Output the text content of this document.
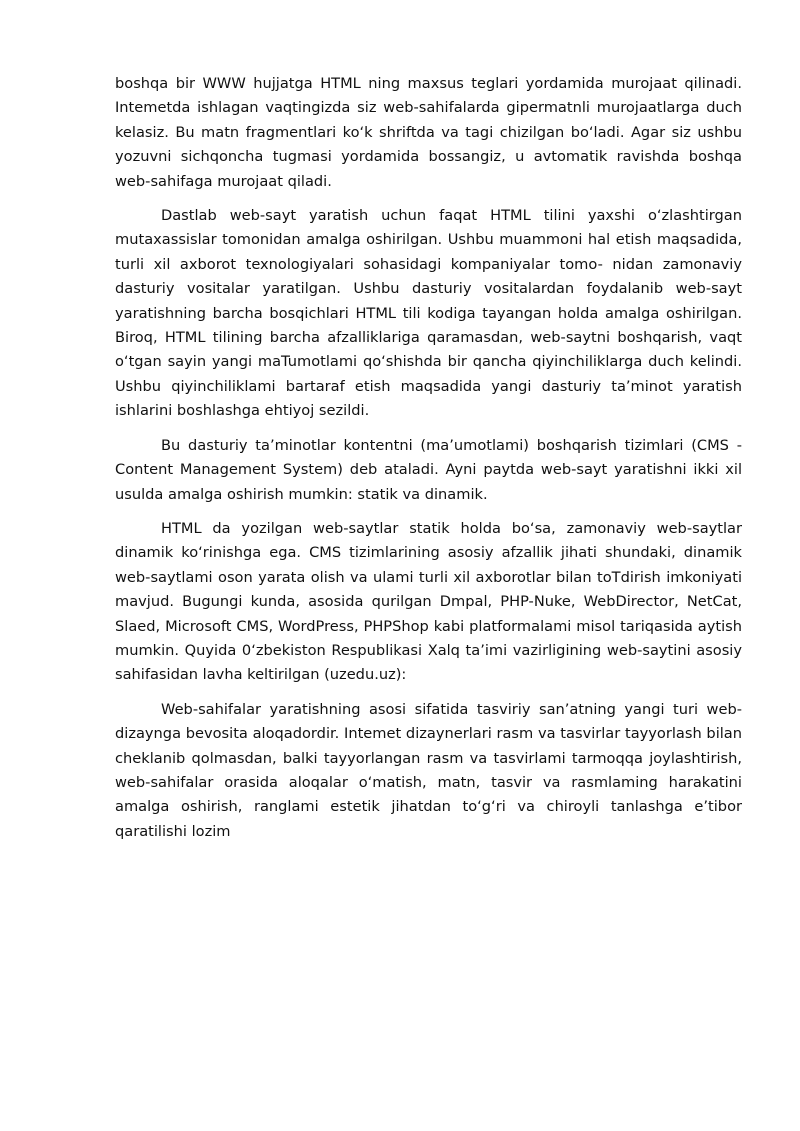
boshqa bir WWW hujjatga HTML ning maxsus teglari yordamida murojaat qilinadi. Intemetda ishlagan vaqtingizda siz web-sahifalarda gipermatnli murojaatlarga duch kelasiz. Bu matn fragmentlari ko‘k shriftda va tagi chizilgan bo‘ladi. Agar siz ushbu yozuvni sichqoncha tugmasi yordamida bossangiz, u avtomatik ravishda boshqa web-sahifaga murojaat qiladi.

Dastlab web-sayt yaratish uchun faqat HTML tilini yaxshi o‘zlashtirgan mutaxassislar tomonidan amalga oshirilgan. Ushbu muammoni hal etish maqsadida, turli xil axborot texnologiyalari sohasidagi kompaniyalar tomo- nidan zamonaviy dasturiy vositalar yaratilgan. Ushbu dasturiy vositalardan foydalanib web-sayt yaratishning barcha bosqichlari HTML tili kodiga tayangan holda amalga oshirilgan. Biroq, HTML tilining barcha afzalliklariga qaramasdan, web-saytni boshqarish, vaqt o‘tgan sayin yangi maTumotlami qo‘shishda bir qancha qiyinchiliklarga duch kelindi. Ushbu qiyinchiliklami bartaraf etish maqsadida yangi dasturiy ta’minot yaratish ishlarini boshlashga ehtiyoj sezildi.

Bu dasturiy ta’minotlar kontentni (ma’umotlami) boshqarish tizimlari (CMS - Content Management System) deb ataladi. Ayni paytda web-sayt yaratishni ikki xil usulda amalga oshirish mumkin: statik va dinamik.

HTML da yozilgan web-saytlar statik holda bo‘sa, zamonaviy web-saytlar dinamik ko‘rinishga ega. CMS tizimlarining asosiy afzallik jihati shundaki, dinamik web-saytlami oson yarata olish va ulami turli xil axborotlar bilan toTdirish imkoniyati mavjud. Bugungi kunda, asosida qurilgan Dmpal, PHP-Nuke, WebDirector, NetCat, Slaed, Microsoft CMS, WordPress, PHPShop kabi platformalami misol tariqasida aytish mumkin. Quyida 0‘zbekiston Respublikasi Xalq ta’imi vazirligining web-saytini asosiy sahifasidan lavha keltirilgan (uzedu.uz):

Web-sahifalar yaratishning asosi sifatida tasviriy san’atning yangi turi web-dizaynga bevosita aloqadordir. Intemet dizaynerlari rasm va tasvirlar tayyorlash bilan cheklanib qolmasdan, balki tayyorlangan rasm va tasvirlami tarmoqqa joylashtirish, web-sahifalar orasida aloqalar o‘matish, matn, tasvir va rasmlaming harakatini amalga oshirish, ranglami estetik jihatdan to‘g‘ri va chiroyli tanlashga e’tibor qaratilishi lozim
